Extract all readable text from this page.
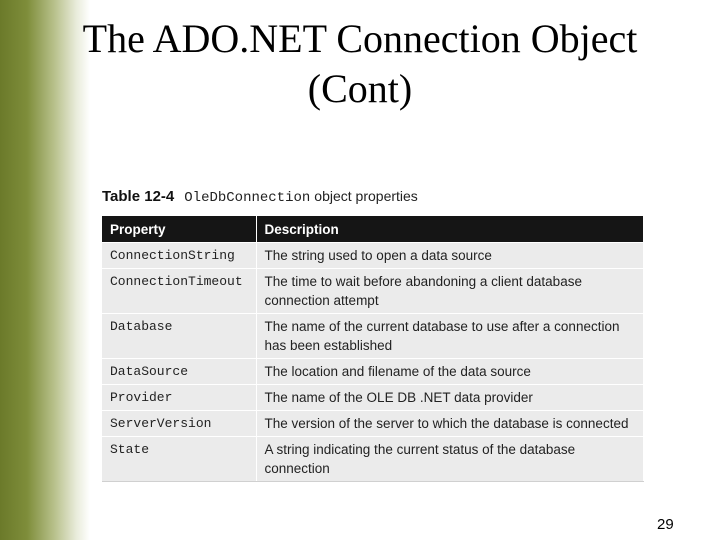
The ADO.NET Connection Object
(Cont)
Table 12-4 OleDbConnection object properties
Property	Description
ConnectionString	The string used to open a data source
ConnectionTimeout	The time to wait before abandoning a client database connection attempt
Database	The name of the current database to use after a connection has been established
DataSource	The location and filename of the data source
Provider	The name of the OLE DB .NET data provider
ServerVersion	The version of the server to which the database is connected
State	A string indicating the current status of the database connection
29
